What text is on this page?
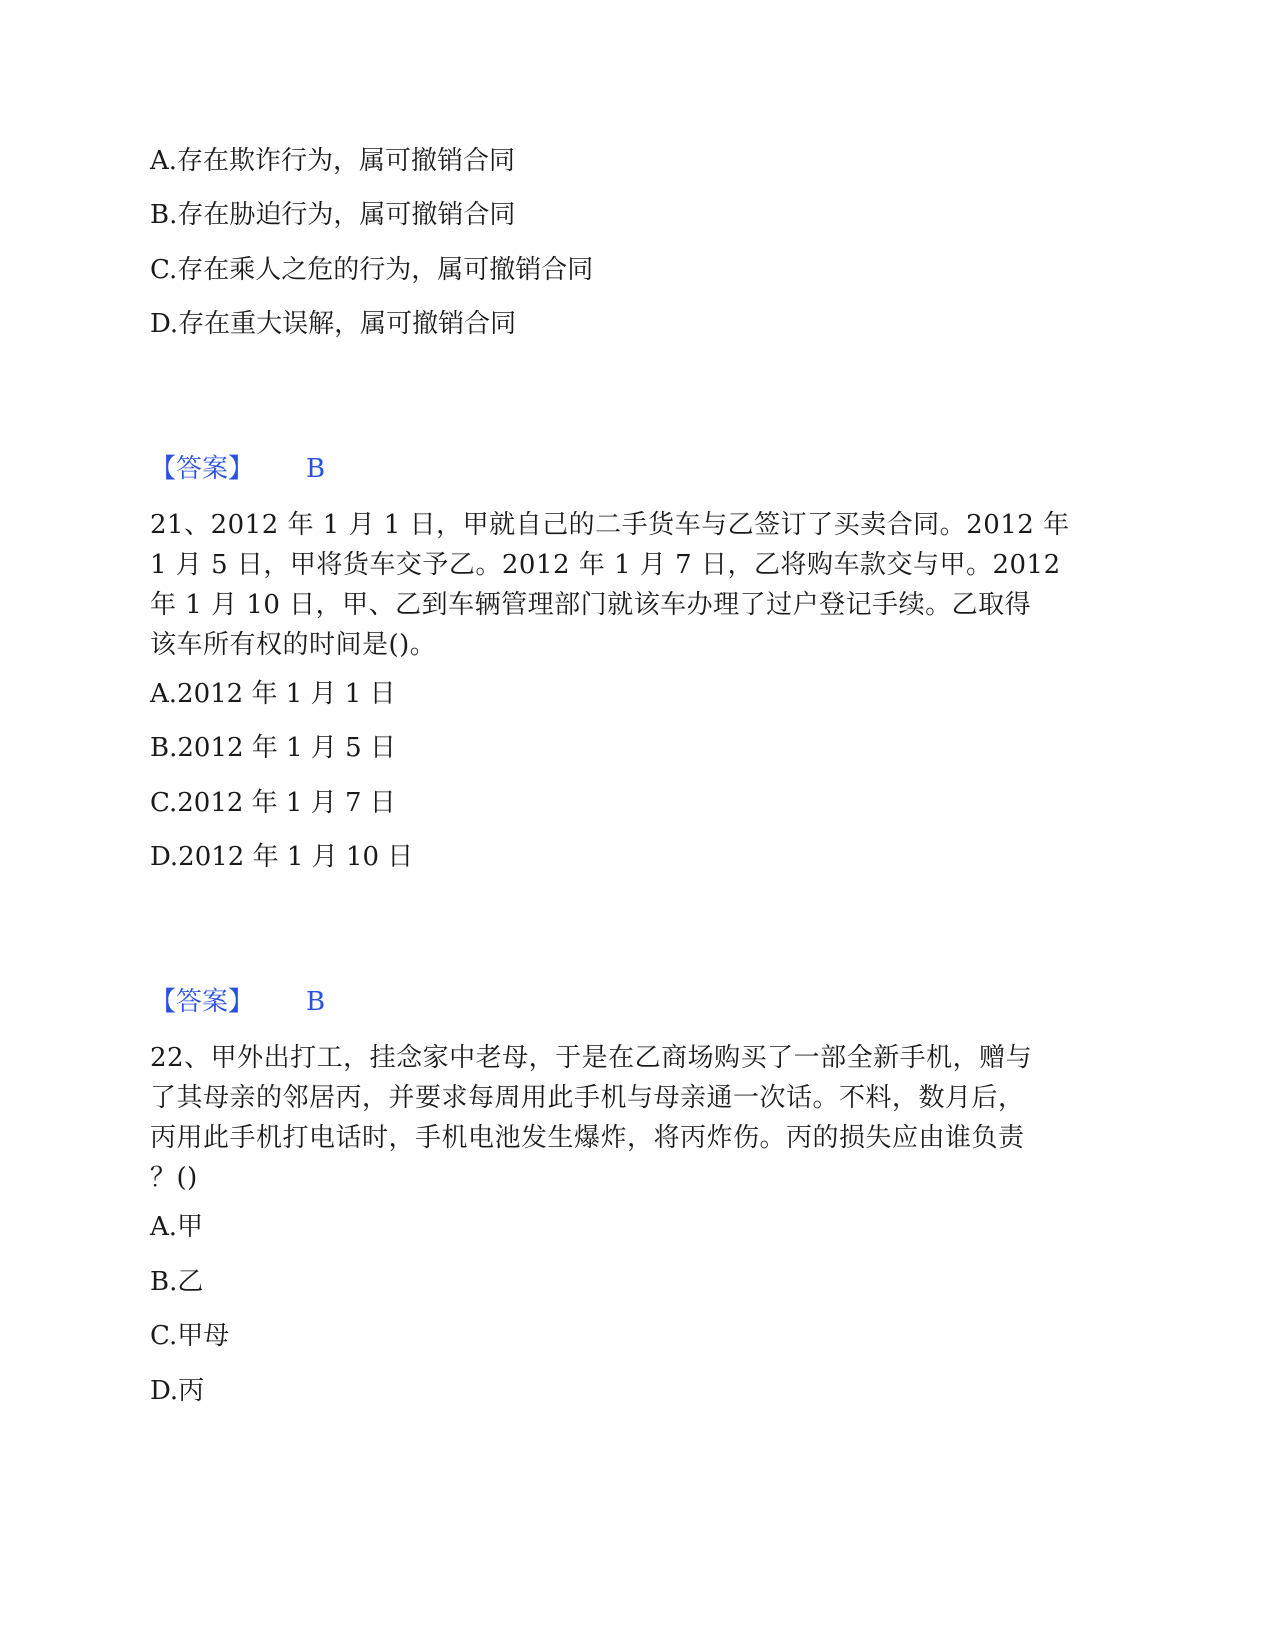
A.存在欺诈行为，属可撤销合同
B.存在胁迫行为，属可撤销合同
C.存在乘人之危的行为，属可撤销合同
D.存在重大误解，属可撤销合同
【答案】 B
21、2012 年 1 月 1 日，甲就自己的二手货车与乙签订了买卖合同。2012 年
1 月 5 日，甲将货车交予乙。2012 年 1 月 7 日，乙将购车款交与甲。2012
年 1 月 10 日，甲、乙到车辆管理部门就该车办理了过户登记手续。乙取得
该车所有权的时间是()。
A.2012 年 1 月 1 日
B.2012 年 1 月 5 日
C.2012 年 1 月 7 日
D.2012 年 1 月 10 日
【答案】 B
22、甲外出打工，挂念家中老母，于是在乙商场购买了一部全新手机，赠与
了其母亲的邻居丙，并要求每周用此手机与母亲通一次话。不料，数月后，
丙用此手机打电话时，手机电池发生爆炸，将丙炸伤。丙的损失应由谁负责
？()
A.甲
B.乙
C.甲母
D.丙
